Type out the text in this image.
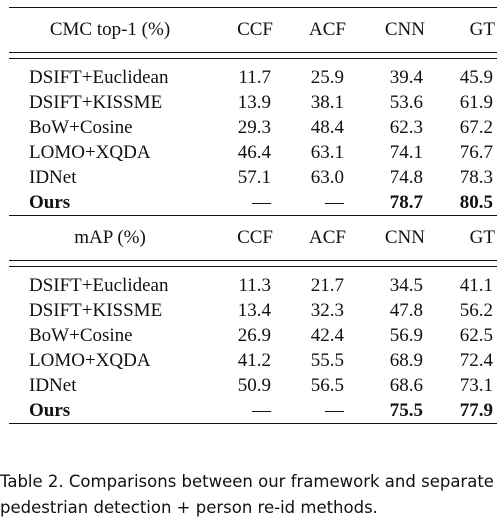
CMC top-1 (%)	CCF	ACF	CNN	GT

DSIFT+Euclidean	11.7	25.9	39.4	45.9
DSIFT+KISSME	13.9	38.1	53.6	61.9
BoW+Cosine	29.3	48.4	62.3	67.2
LOMO+XQDA	46.4	63.1	74.1	76.7
IDNet	57.1	63.0	74.8	78.3
Ours	—	—	78.7	80.5
mAP (%)	CCF	ACF	CNN	GT

DSIFT+Euclidean	11.3	21.7	34.5	41.1
DSIFT+KISSME	13.4	32.3	47.8	56.2
BoW+Cosine	26.9	42.4	56.9	62.5
LOMO+XQDA	41.2	55.5	68.9	72.4
IDNet	50.9	56.5	68.6	73.1
Ours	—	—	75.5	77.9

Table 2. Comparisons between our framework and separate
pedestrian detection + person re-id methods.
